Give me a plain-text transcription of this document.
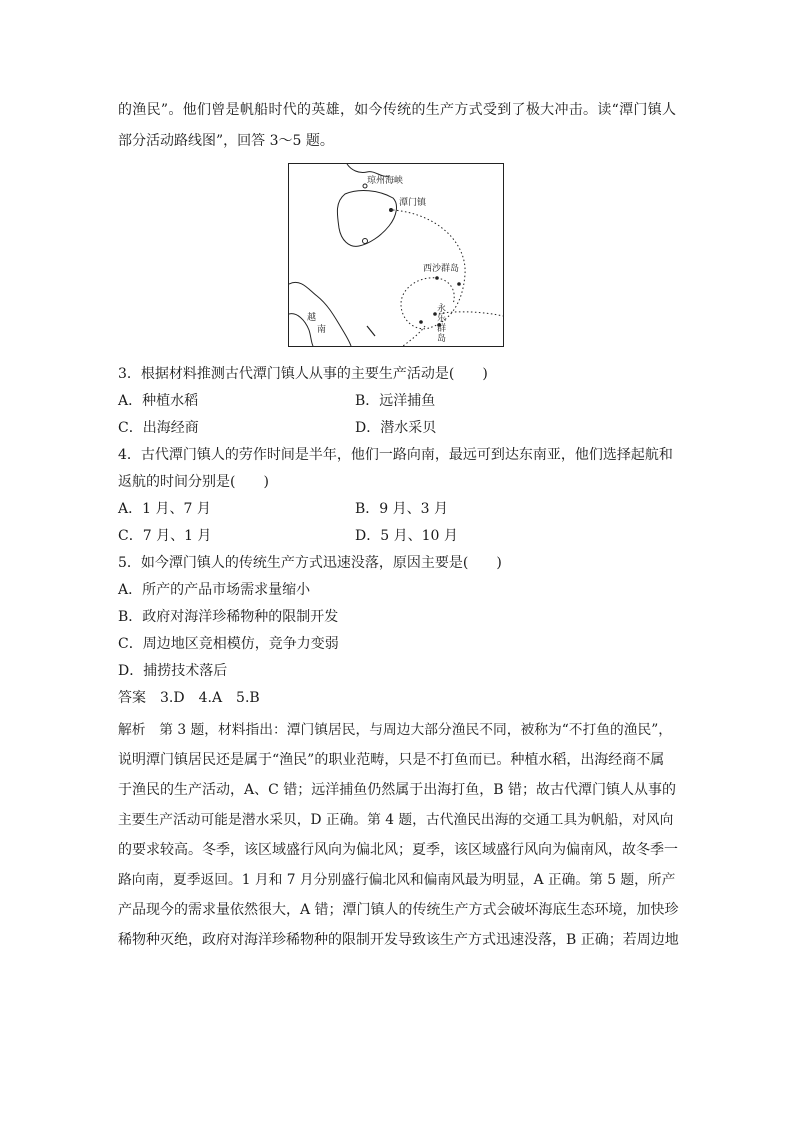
的渔民”。他们曾是帆船时代的英雄，如今传统的生产方式受到了极大冲击。读“潭门镇人

部分活动路线图”，回答 3～5 题。

琼州海峡
潭门镇
西沙群岛
永
乐
群
岛
越
南

3．根据材料推测古代潭门镇人从事的主要生产活动是(　　)

A．种植水稻	B．远洋捕鱼
C．出海经商	D．潜水采贝

4．古代潭门镇人的劳作时间是半年，他们一路向南，最远可到达东南亚，他们选择起航和

返航的时间分别是(　　)

A．1 月、7 月	B．9 月、3 月
C．7 月、1 月	D．5 月、10 月

5．如今潭门镇人的传统生产方式迅速没落，原因主要是(　　)

A．所产的产品市场需求量缩小
B．政府对海洋珍稀物种的限制开发
C．周边地区竞相模仿，竞争力变弱
D．捕捞技术落后

答案　3.D　4.A　5.B

解析　第 3 题，材料指出：潭门镇居民，与周边大部分渔民不同，被称为“不打鱼的渔民”，

说明潭门镇居民还是属于“渔民”的职业范畴，只是不打鱼而已。种植水稻，出海经商不属

于渔民的生产活动，A、C 错；远洋捕鱼仍然属于出海打鱼，B 错；故古代潭门镇人从事的

主要生产活动可能是潜水采贝，D 正确。第 4 题，古代渔民出海的交通工具为帆船，对风向

的要求较高。冬季，该区域盛行风向为偏北风；夏季，该区域盛行风向为偏南风，故冬季一

路向南，夏季返回。1 月和 7 月分别盛行偏北风和偏南风最为明显，A 正确。第 5 题，所产

产品现今的需求量依然很大，A 错；潭门镇人的传统生产方式会破坏海底生态环境，加快珍

稀物种灭绝，政府对海洋珍稀物种的限制开发导致该生产方式迅速没落，B 正确；若周边地
